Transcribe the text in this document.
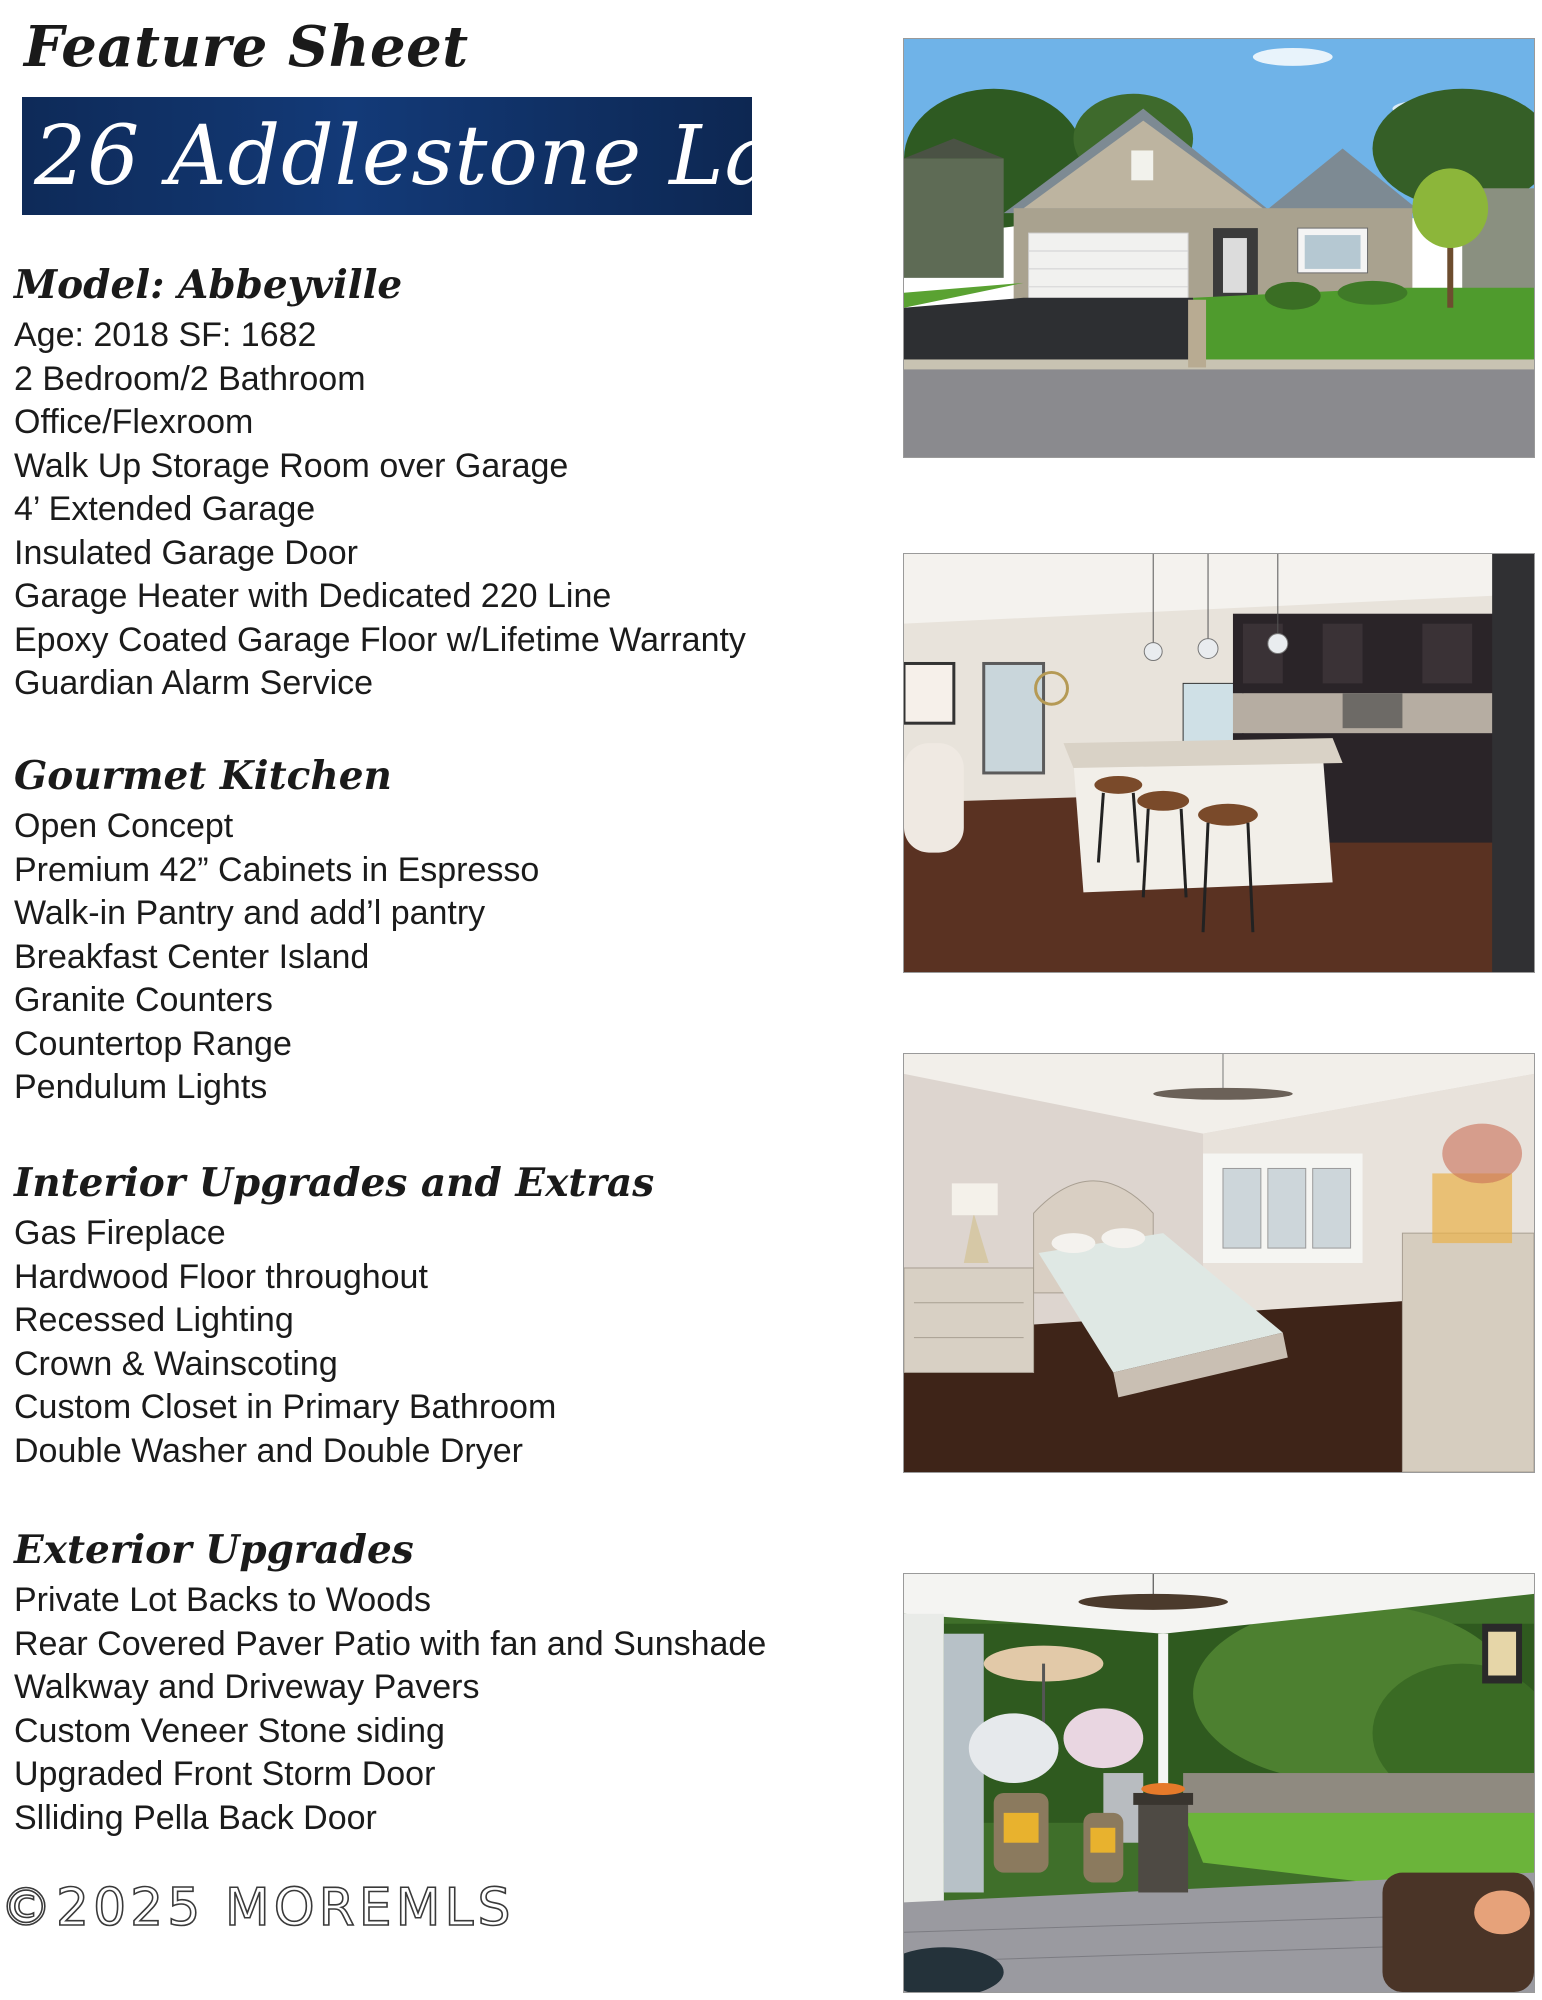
Feature Sheet
26 Addlestone Lane
Model: Abbeyville
Age: 2018 SF: 1682
2 Bedroom/2 Bathroom
Office/Flexroom
Walk Up Storage Room over Garage
4’ Extended Garage
Insulated Garage Door
Garage Heater with Dedicated 220 Line
Epoxy Coated Garage Floor w/Lifetime Warranty
Guardian Alarm Service
Gourmet Kitchen
Open Concept
Premium 42” Cabinets in Espresso
Walk-in Pantry and add’l pantry
Breakfast Center Island
Granite Counters
Countertop Range
Pendulum Lights
Interior Upgrades and Extras
Gas Fireplace
Hardwood Floor throughout
Recessed Lighting
Crown & Wainscoting
Custom Closet in Primary Bathroom
Double Washer and Double Dryer
Exterior Upgrades
Private Lot Backs to Woods
Rear Covered Paver Patio with fan and Sunshade
Walkway and Driveway Pavers
Custom Veneer Stone siding
Upgraded Front Storm Door
Slliding Pella Back Door
©2025 MOREMLS
